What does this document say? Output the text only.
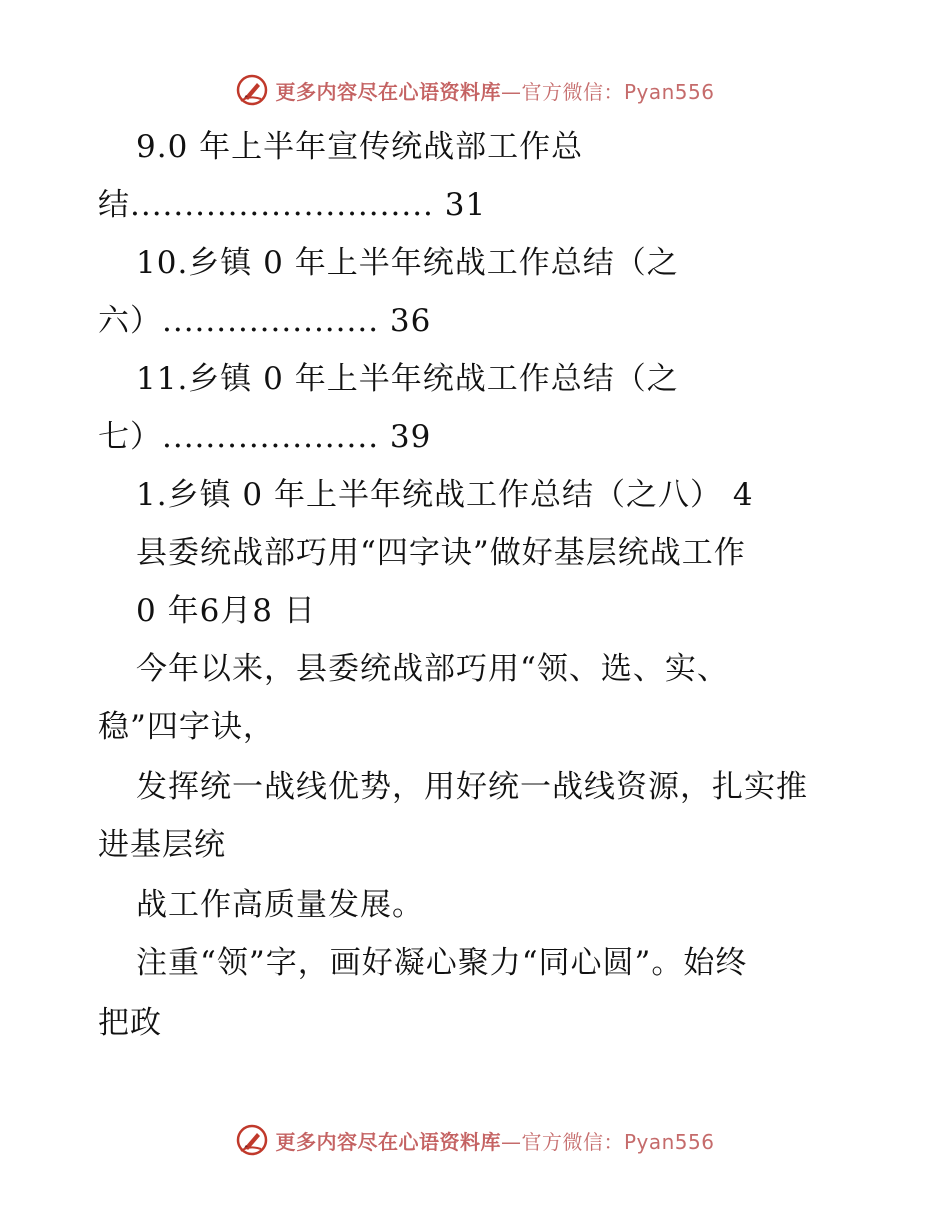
更多内容尽在心语资料库—官方微信：Pyan556
9.0 年上半年宣传统战部工作总
结............................ 31
10.乡镇 0 年上半年统战工作总结（之
六）.................... 36
11.乡镇 0 年上半年统战工作总结（之
七）.................... 39
1.乡镇 0 年上半年统战工作总结（之八） 4
县委统战部巧用“四字诀”做好基层统战工作
0 年6月8 日
今年以来，县委统战部巧用“领、选、实、
稳”四字诀，
发挥统一战线优势，用好统一战线资源，扎实推
进基层统
战工作高质量发展。
注重“领”字，画好凝心聚力“同心圆”。始终
把政
更多内容尽在心语资料库—官方微信：Pyan556
